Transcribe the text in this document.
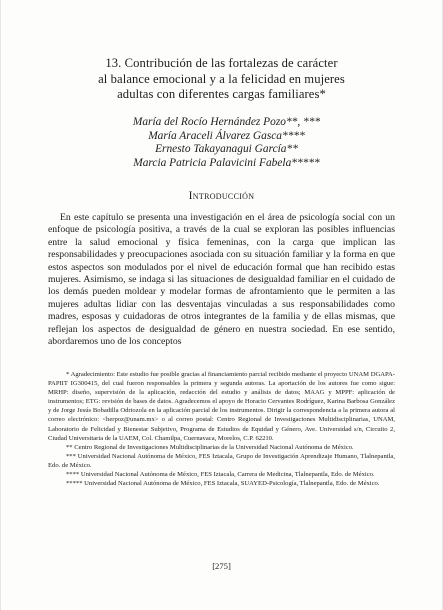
13. Contribución de las fortalezas de carácter
al balance emocional y a la felicidad en mujeres
adultas con diferentes cargas familiares*
María del Rocío Hernández Pozo**, ***
María Araceli Álvarez Gasca****
Ernesto Takayanagui García**
Marcia Patricia Palavicini Fabela*****
Introducción

En este capítulo se presenta una investigación en el área de psicología social con un enfoque de psicología positiva, a través de la cual se exploran las posibles influencias entre la salud emocional y física femeninas, con la carga que implican las responsabilidades y preocupaciones asociada con su situación familiar y la forma en que estos aspectos son modulados por el nivel de educación formal que han recibido estas mujeres. Asimismo, se indaga si las situaciones de desigualdad familiar en el cuidado de los demás pueden moldear y modelar formas de afrontamiento que le permiten a las mujeres adultas lidiar con las desventajas vinculadas a sus responsabilidades como madres, esposas y cuidadoras de otros integrantes de la familia y de ellas mismas, que reflejan los aspectos de desigualdad de género en nuestra sociedad. En ese sentido, abordaremos uno de los conceptos

* Agradecimiento: Este estudio fue posible gracias al financiamiento parcial recibido mediante el proyecto UNAM DGAPA-PAPIIT IG300415, del cual fueron responsables la primera y segunda autoras. La aportación de los autores fue como sigue: MRHP: diseño, supervisión de la aplicación, redacción del estudio y análisis de datos; MAAG y MPPF: aplicación de instrumentos; ETG: revisión de bases de datos. Agradecemos el apoyo de Horacio Cervantes Rodríguez, Karina Barbosa González y de Jorge Jesús Bobadilla Odriozola en la aplicación parcial de los instrumentos. Dirigir la correspondencia a la primera autora al correo electrónico: <herpoz@unam.mx> o al correo postal: Centro Regional de Investigaciones Multidisciplinarias, UNAM, Laboratorio de Felicidad y Bienestar Subjetivo, Programa de Estudios de Equidad y Género, Ave. Universidad s/n, Circuito 2, Ciudad Universitaria de la UAEM, Col. Chamilpa, Cuernavaca, Morelos, C.P. 62210.

** Centro Regional de Investigaciones Multidisciplinarias de la Universidad Nacional Autónoma de México.

*** Universidad Nacional Autónoma de México, FES Iztacala, Grupo de Investigación Aprendizaje Humano, Tlalnepantla, Edo. de México.

**** Universidad Nacional Autónoma de México, FES Iztacala, Carrera de Medicina, Tlalnepantla, Edo. de México.

***** Universidad Nacional Autónoma de México, FES Iztacala, SUAYED-Psicología, Tlalnepantla, Edo. de México.

[275]
